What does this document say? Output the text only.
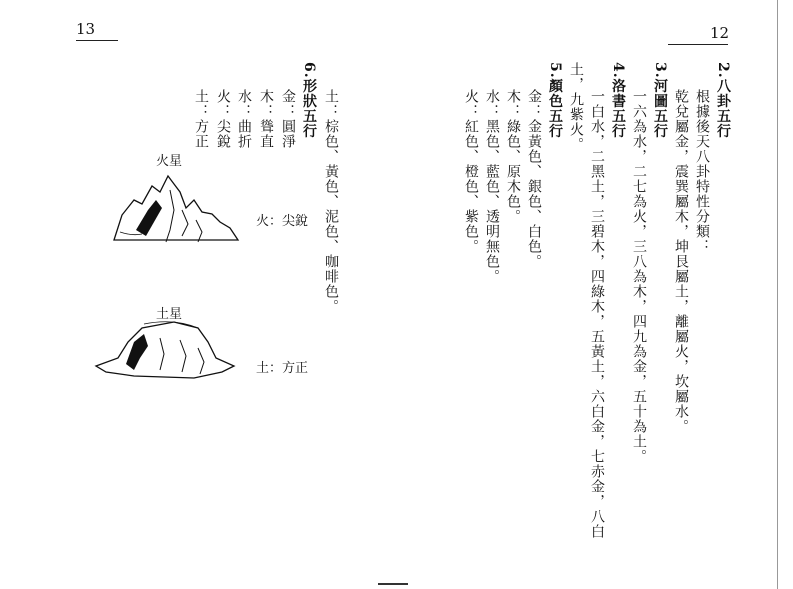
13
土：棕色、黃色、泥色、咖啡色。
6.形狀五行
金：圓淨
木：聳直
水：曲折
火：尖銳
土：方正
火星
火：尖銳
土星
土：方正
12
2.八卦五行
根據後天八卦特性分類：
乾兌屬金，震巽屬木，坤艮屬土，離屬火，坎屬水。
3.河圖五行
一六為水，二七為火，三八為木，四九為金，五十為土。
4.洛書五行
一白水，二黑土，三碧木，四綠木，五黃土，六白金，七赤金，八白
土，九紫火。
5.顏色五行
金：金黃色、銀色、白色。
木：綠色、原木色。
水：黑色、藍色、透明無色。
火：紅色、橙色、紫色。
